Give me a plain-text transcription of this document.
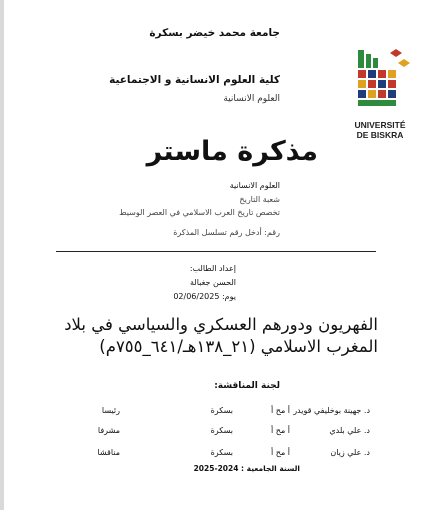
جامعة محمد خيضر بسكرة
كلية العلوم الانسانية و الاجتماعية
العلوم الانسانية
UNIVERSITÉ
DE BISKRA
مذكرة ماستر
العلوم الانسانية
شعبة التاريخ
تخصص تاريخ العرب الاسلامي في العصر الوسيط
رقم: أدخل رقم تسلسل المذكرة
إعداد الطالب:
الحسن جغبالة
يوم: 02/06/2025
الفهريون ودورهم العسكري والسياسي في بلاد
المغرب الاسلامي (٢١_١٣٨هـ/٦٤١_٧٥٥م)
لجنة المناقشة:
د. جهينة بوخليفي قويدر
أ مح أ
بسكرة
رئيسا
د. علي بلدي
أ مح أ
بسكرة
مشرفا
د. علي زيان
أ مح أ
بسكرة
مناقشا
السنة الجامعية : 2024-2025
